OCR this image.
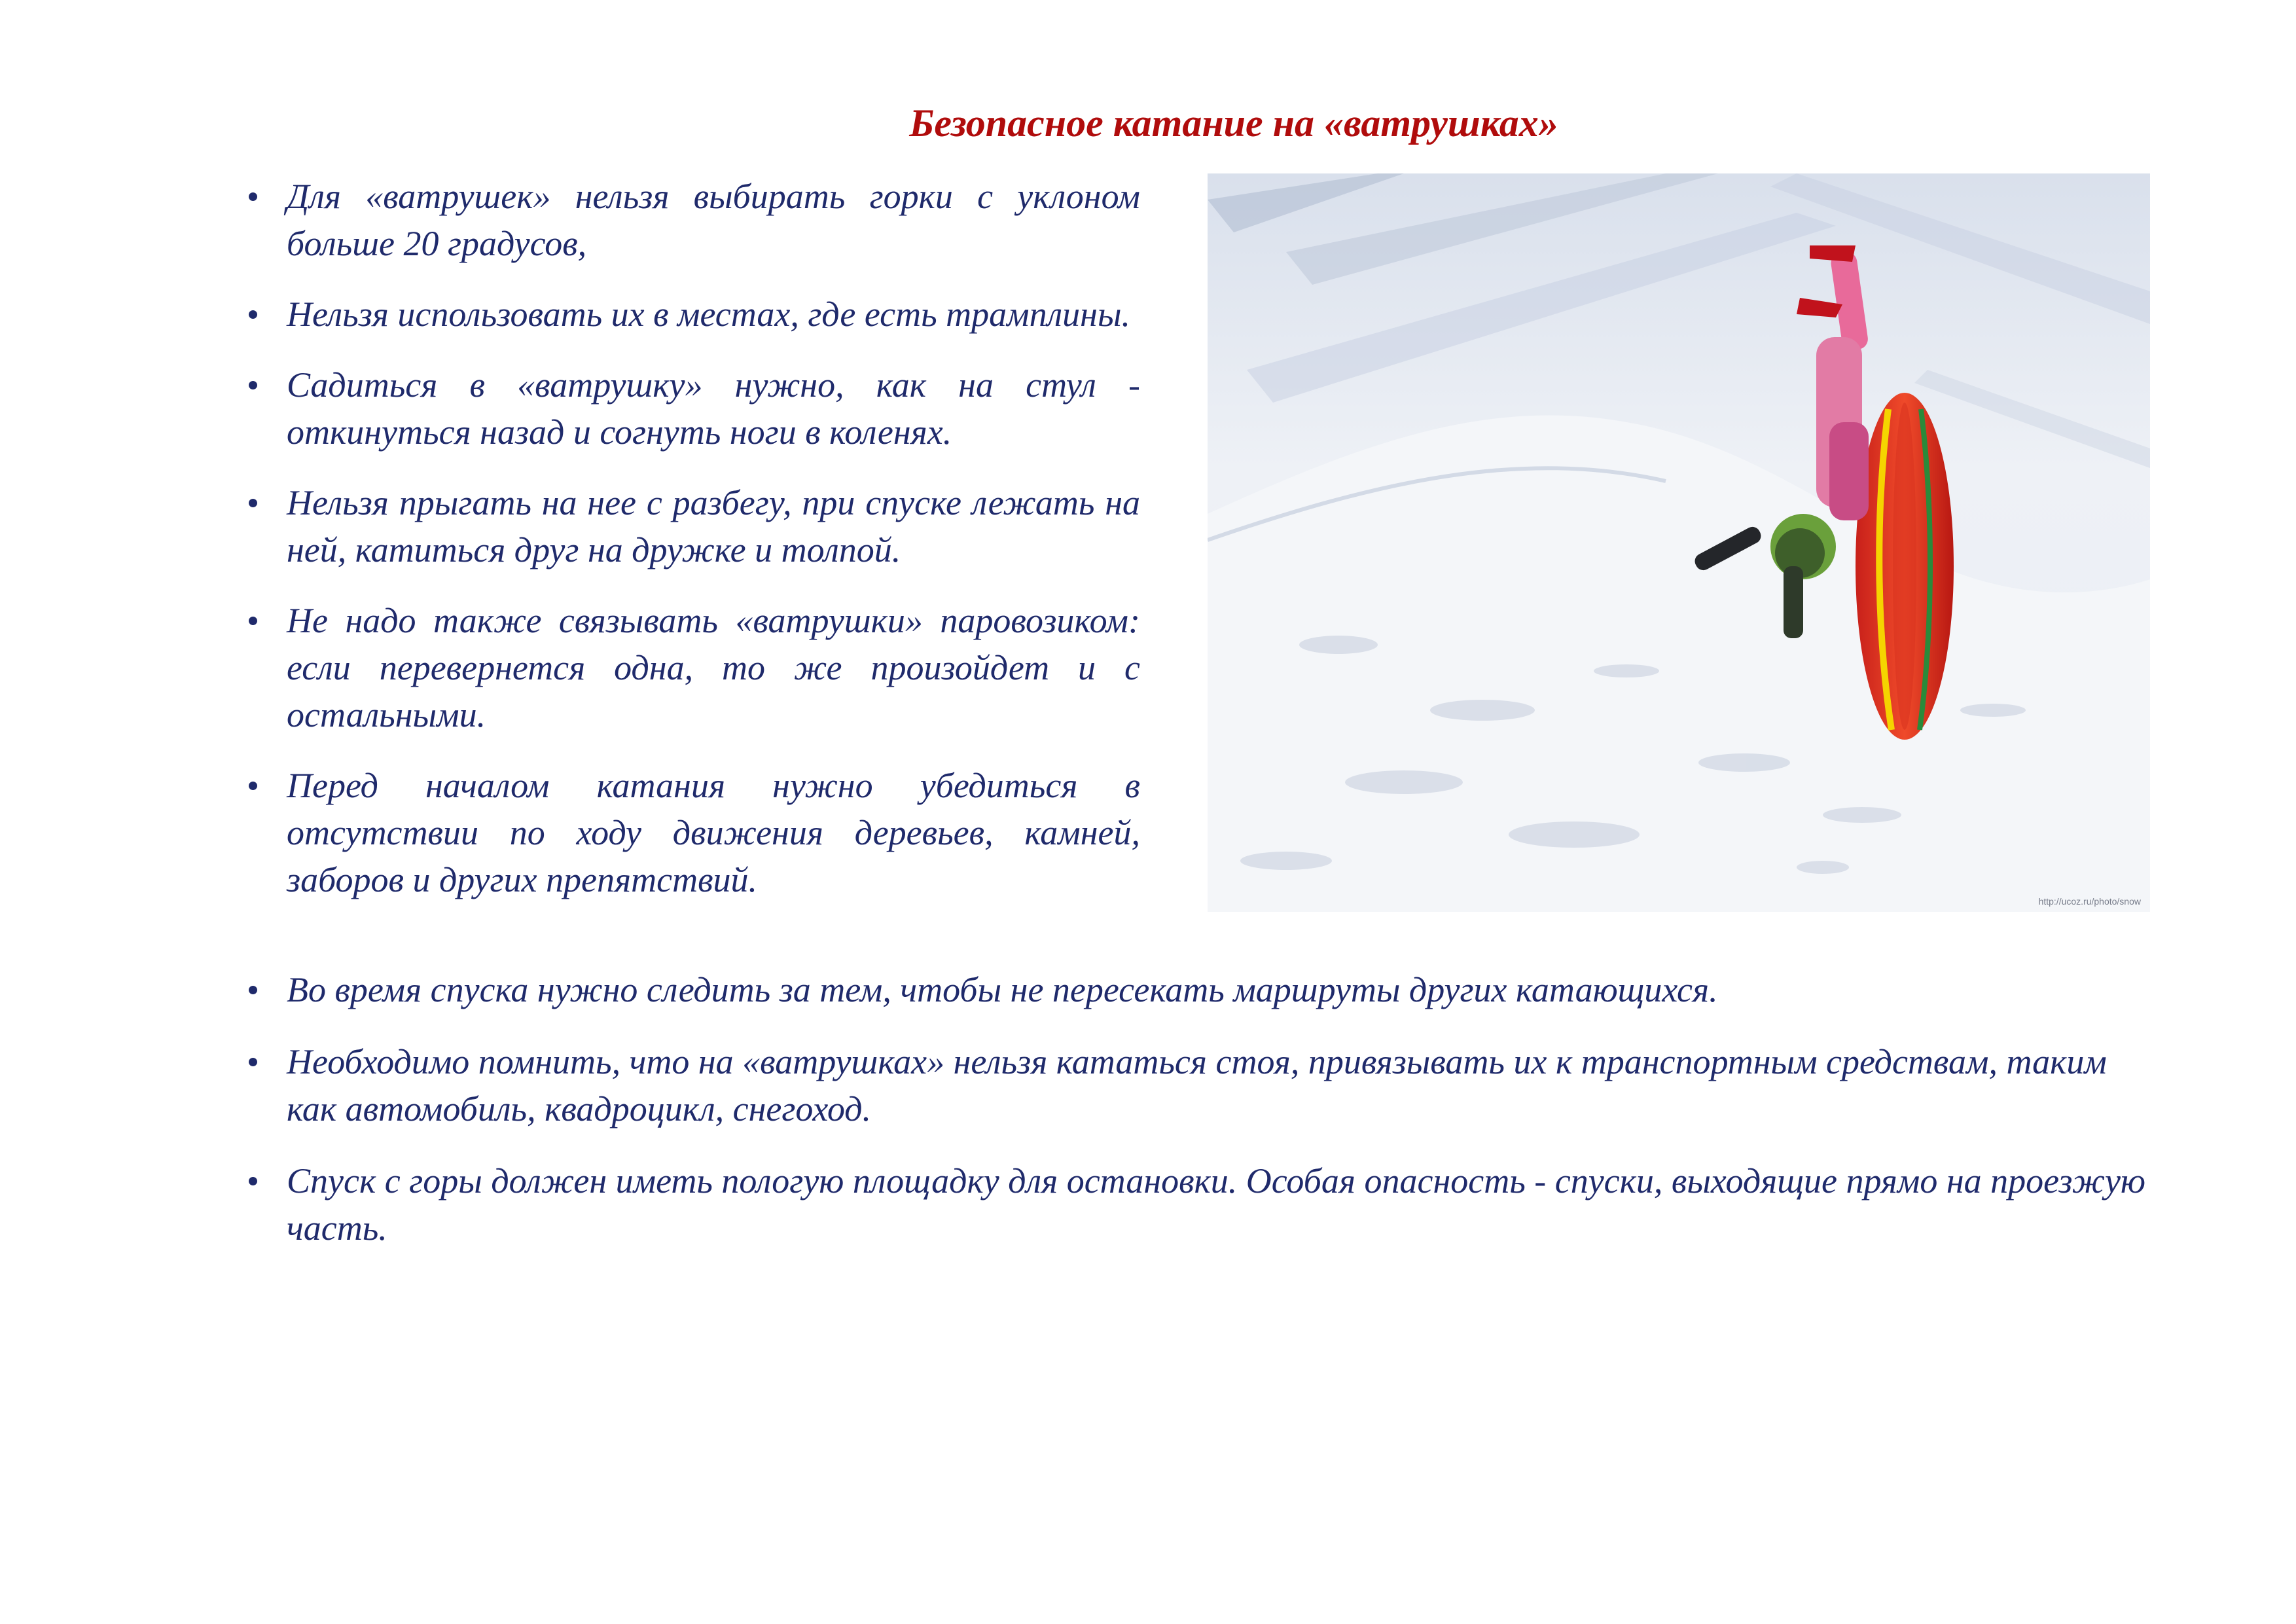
Безопасное катание на «ватрушках»
Для «ватрушек» нельзя выбирать горки с уклоном больше 20 градусов,
Нельзя использовать их в местах, где есть трамплины.
Садиться в «ватрушку» нужно, как на стул - откинуться назад и согнуть ноги в коленях.
Нельзя прыгать на нее с разбегу, при спуске лежать на ней, катиться друг на дружке и толпой.
Не надо также связывать «ватрушки» паровозиком: если перевернется одна, то же произойдет и с остальными.
Перед началом катания нужно убедиться в отсутствии по ходу движения деревьев, камней, заборов и других препятствий.
http://ucoz.ru/photo/snow
Во время спуска нужно следить за тем, чтобы не пересекать маршруты других катающихся.
Необходимо помнить, что на «ватрушках» нельзя кататься стоя, привязывать их к транспортным средствам, таким как автомобиль, квадроцикл, снегоход.
Спуск с горы должен иметь пологую площадку для остановки. Особая опасность - спуски, выходящие прямо на проезжую часть.
